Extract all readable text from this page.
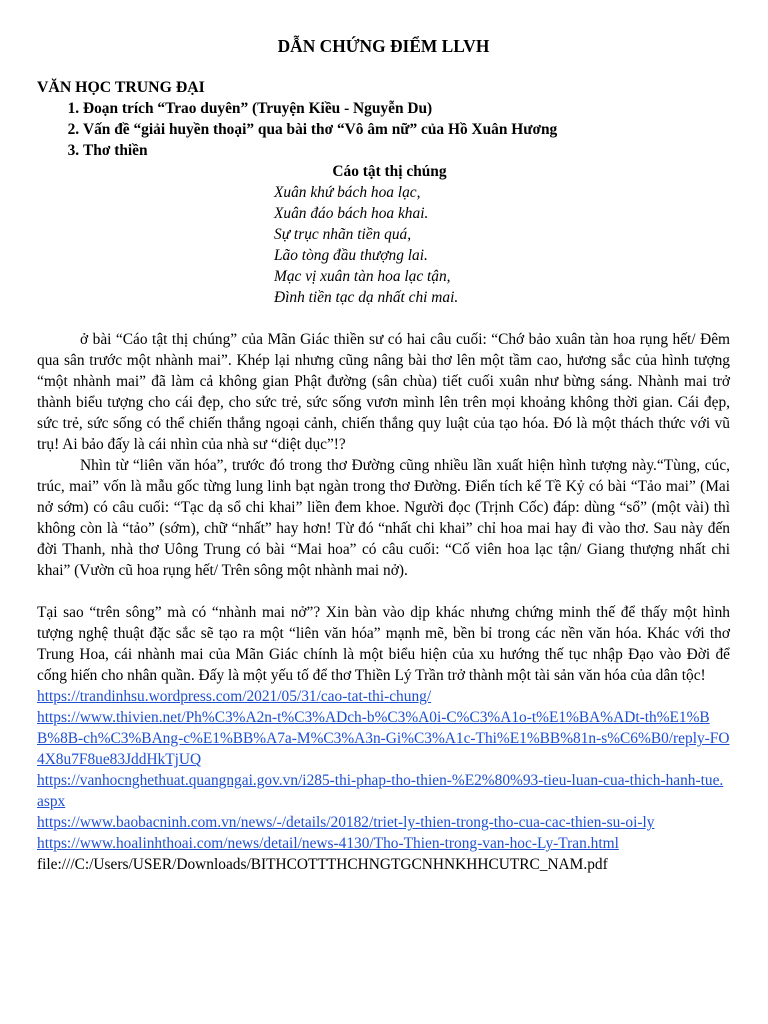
DẪN CHỨNG ĐIỂM LLVH
VĂN HỌC TRUNG ĐẠI
1. Đoạn trích “Trao duyên” (Truyện Kiều - Nguyễn Du)
2. Vấn đề “giải huyền thoại” qua bài thơ “Vô âm nữ” của Hồ Xuân Hương
3. Thơ thiền
Cáo tật thị chúng
Xuân khứ bách hoa lạc,
Xuân đáo bách hoa khai.
Sự trục nhãn tiền quá,
Lão tòng đầu thượng lai.
Mạc vị xuân tàn hoa lạc tận,
Đình tiền tạc dạ nhất chi mai.

ở bài “Cáo tật thị chúng” của Mãn Giác thiền sư có hai câu cuối: “Chớ bảo xuân tàn hoa rụng hết/ Đêm qua sân trước một nhành mai”. Khép lại nhưng cũng nâng bài thơ lên một tầm cao, hương sắc của hình tượng “một nhành mai” đã làm cả không gian Phật đường (sân chùa) tiết cuối xuân như bừng sáng. Nhành mai trở thành biểu tượng cho cái đẹp, cho sức trẻ, sức sống vươn mình lên trên mọi khoảng không thời gian. Cái đẹp, sức trẻ, sức sống có thể chiến thắng ngoại cảnh, chiến thắng quy luật của tạo hóa. Đó là một thách thức với vũ trụ! Ai bảo đấy là cái nhìn của nhà sư “diệt dục”!?

Nhìn từ “liên văn hóa”, trước đó trong thơ Đường cũng nhiều lần xuất hiện hình tượng này.“Tùng, cúc, trúc, mai” vốn là mẫu gốc từng lung linh bạt ngàn trong thơ Đường. Điển tích kể Tề Kỷ có bài “Tảo mai” (Mai nở sớm) có câu cuối: “Tạc dạ sổ chi khai” liền đem khoe. Người đọc (Trịnh Cốc) đáp: dùng “sổ” (một vài) thì không còn là “tảo” (sớm), chữ “nhất” hay hơn! Từ đó “nhất chi khai” chỉ hoa mai hay đi vào thơ. Sau này đến đời Thanh, nhà thơ Uông Trung có bài “Mai hoa” có câu cuối: “Cố viên hoa lạc tận/ Giang thượng nhất chi khai” (Vườn cũ hoa rụng hết/ Trên sông một nhành mai nở).

Tại sao “trên sông” mà có “nhành mai nở”? Xin bàn vào dịp khác nhưng chứng minh thế để thấy một hình tượng nghệ thuật đặc sắc sẽ tạo ra một “liên văn hóa” mạnh mẽ, bền bỉ trong các nền văn hóa. Khác với thơ Trung Hoa, cái nhành mai của Mãn Giác chính là một biểu hiện của xu hướng thế tục nhập Đạo vào Đời để cống hiến cho nhân quần. Đấy là một yếu tố để thơ Thiền Lý Trần trở thành một tài sản văn hóa của dân tộc!

https://trandinhsu.wordpress.com/2021/05/31/cao-tat-thi-chung/
https://www.thivien.net/Ph%C3%A2n-t%C3%ADch-b%C3%A0i-C%C3%A1o-t%E1%BA%ADt-th%E1%BB%8B-ch%C3%BAng-c%E1%BB%A7a-M%C3%A3n-Gi%C3%A1c-Thi%E1%BB%81n-s%C6%B0/reply-FO4X8u7F8ue83JddHkTjUQ
https://vanhocnghethuat.quangngai.gov.vn/i285-thi-phap-tho-thien-%E2%80%93-tieu-luan-cua-thich-hanh-tue.aspx
https://www.baobacninh.com.vn/news/-/details/20182/triet-ly-thien-trong-tho-cua-cac-thien-su-oi-ly
https://www.hoalinhthoai.com/news/detail/news-4130/Tho-Thien-trong-van-hoc-Ly-Tran.html
file:///C:/Users/USER/Downloads/BITHCOTTTHCHNGTGCNHNKHHCUTRC_NAM.pdf
